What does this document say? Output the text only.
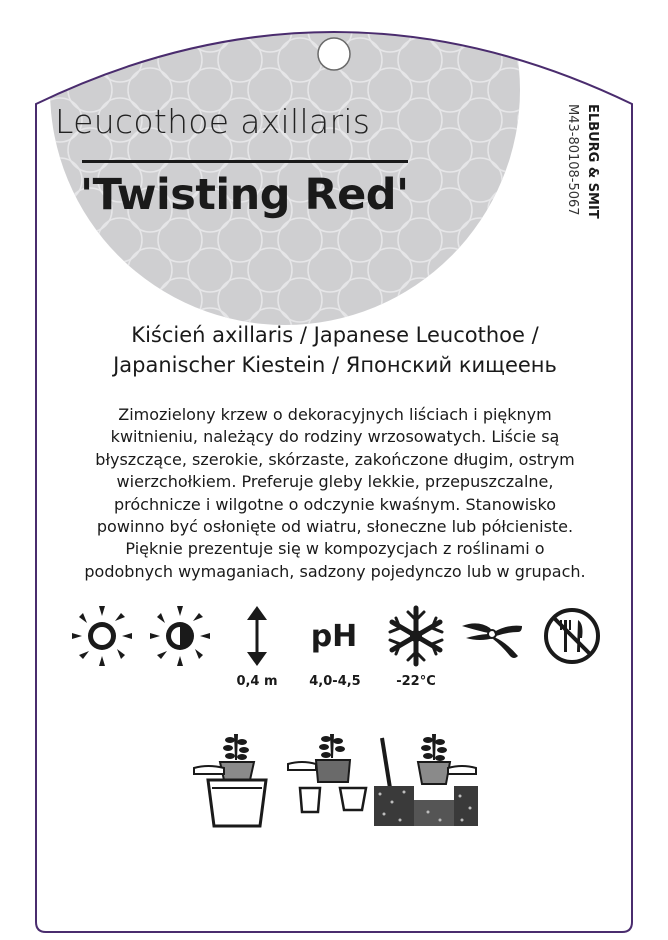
Leucothoe axillaris
'Twisting Red'	ELBURG & SMIT
M43-80108-5067
Kiścień axillaris / Japanese Leucothoe /
Japanischer Kiestein / Японский кищеень
Zimozielony krzew o dekoracyjnych liściach i pięknym kwitnieniu, należący do rodziny wrzosowatych. Liście są błyszczące, szerokie, skórzaste, zakończone długim, ostrym wierzchołkiem. Preferuje gleby lekkie, przepuszczalne, próchnicze i wilgotne o odczynie kwaśnym. Stanowisko powinno być osłonięte od wiatru, słoneczne lub półcieniste. Pięknie prezentuje się w kompozycjach z roślinami o podobnych wymaganiach, sadzony pojedynczo lub w grupach.
pH
0,4 m	4,0-4,5	-22°C
